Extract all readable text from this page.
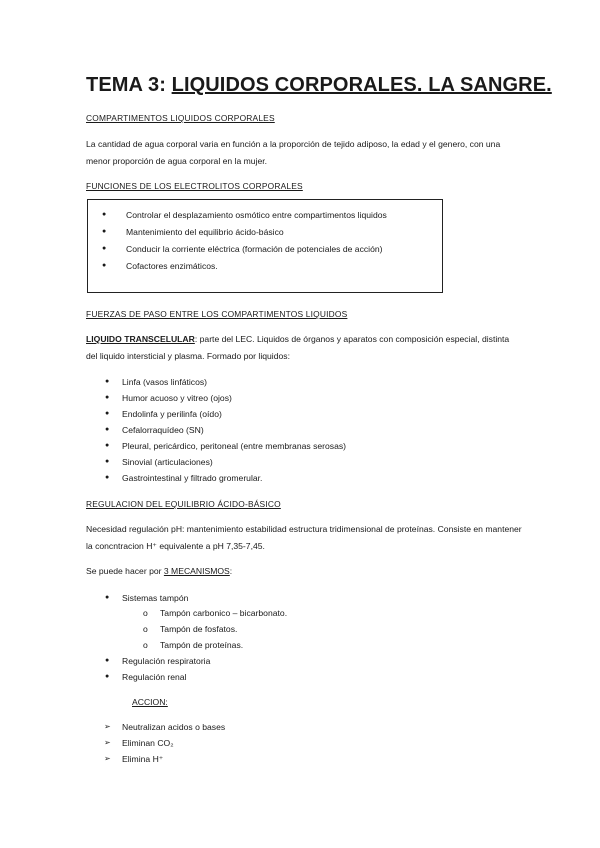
TEMA 3: LIQUIDOS CORPORALES. LA SANGRE.

COMPARTIMENTOS LIQUIDOS CORPORALES

La cantidad de agua corporal varia en función a la proporción de tejido adiposo, la edad y el genero, con una menor proporción de agua corporal en la mujer.

FUNCIONES DE LOS ELECTROLITOS CORPORALES

● Controlar el desplazamiento osmótico entre compartimentos liquidos
● Mantenimiento del equilibrio ácido-básico
● Conducir la corriente eléctrica (formación de potenciales de acción)
● Cofactores enzimáticos.

FUERZAS DE PASO ENTRE LOS COMPARTIMENTOS LIQUIDOS

LIQUIDO TRANSCELULAR: parte del LEC. Liquidos de órganos y aparatos con composición especial, distinta del liquido intersticial y plasma. Formado por liquidos:

● Linfa (vasos linfáticos)
● Humor acuoso y vitreo (ojos)
● Endolinfa y perilinfa (oído)
● Cefalorraquídeo (SN)
● Pleural, pericárdico, peritoneal (entre membranas serosas)
● Sinovial (articulaciones)
● Gastrointestinal y filtrado gromerular.

REGULACION DEL EQUILIBRIO ÁCIDO-BÁSICO

Necesidad regulación pH: mantenimiento estabilidad estructura tridimensional de proteínas. Consiste en mantener la concntracion H⁺ equivalente a pH 7,35-7,45.

Se puede hacer por 3 MECANISMOS:

● Sistemas tampón
o Tampón carbonico – bicarbonato.
o Tampón de fosfatos.
o Tampón de proteínas.
● Regulación respiratoria
● Regulación renal

ACCION:

➢ Neutralizan acidos o bases
➢ Eliminan CO₂
➢ Elimina H⁺
